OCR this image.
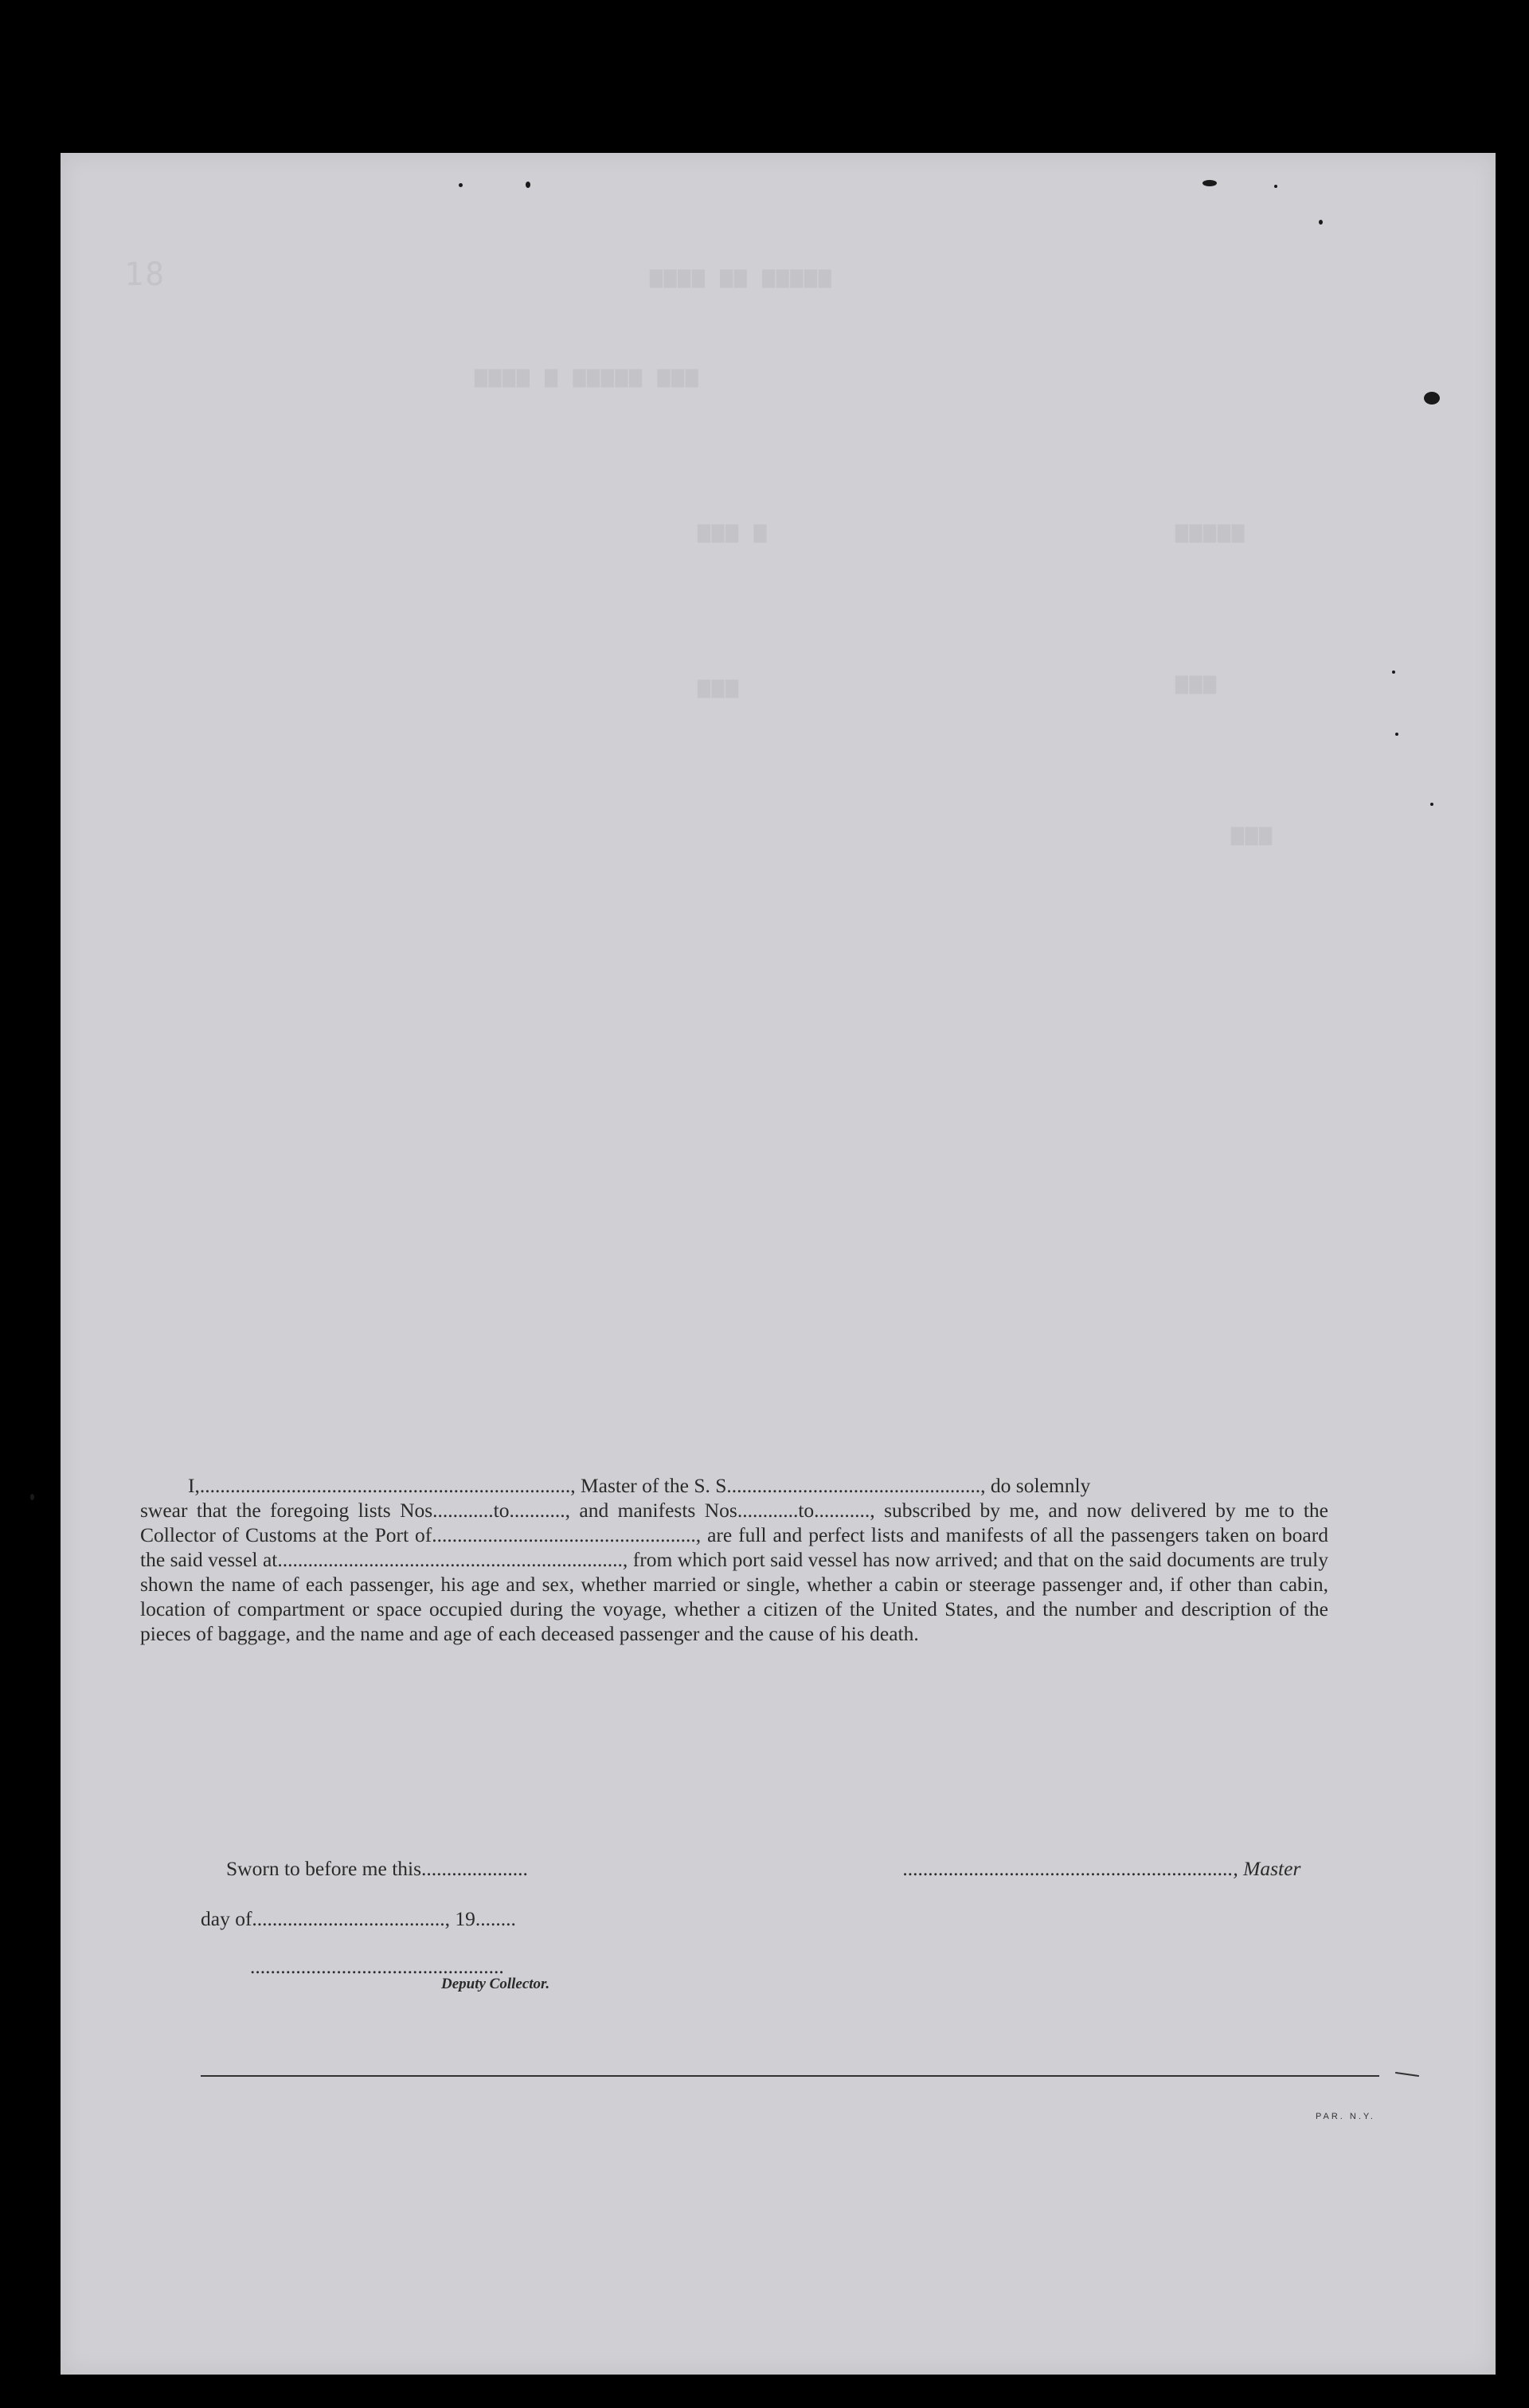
18	▆▆▆▆ ▆▆ ▆▆▆▆▆
▆▆▆▆ ▆ ▆▆▆▆▆ ▆▆▆
▆▆▆ ▆	▆▆▆▆▆
▆▆▆	▆▆▆
▆▆▆

I,........................................................................., Master of the S. S.................................................., do solemnly

swear that the foregoing lists Nos............to..........., and manifests Nos............to..........., subscribed by me, and now delivered by me to the Collector of Customs at the Port of...................................................., are full and perfect lists and manifests of all the passengers taken on board the said vessel at...................................................................., from which port said vessel has now arrived; and that on the said documents are truly shown the name of each passenger, his age and sex, whether married or single, whether a cabin or steerage passenger and, if other than cabin, location of compartment or space occupied during the voyage, whether a citizen of the United States, and the number and description of the pieces of baggage, and the name and age of each deceased passenger and the cause of his death.
Sworn to before me this.....................	................................................................., Master
day of......................................, 19........
..................................................
Deputy Collector.
PAR. N.Y.
